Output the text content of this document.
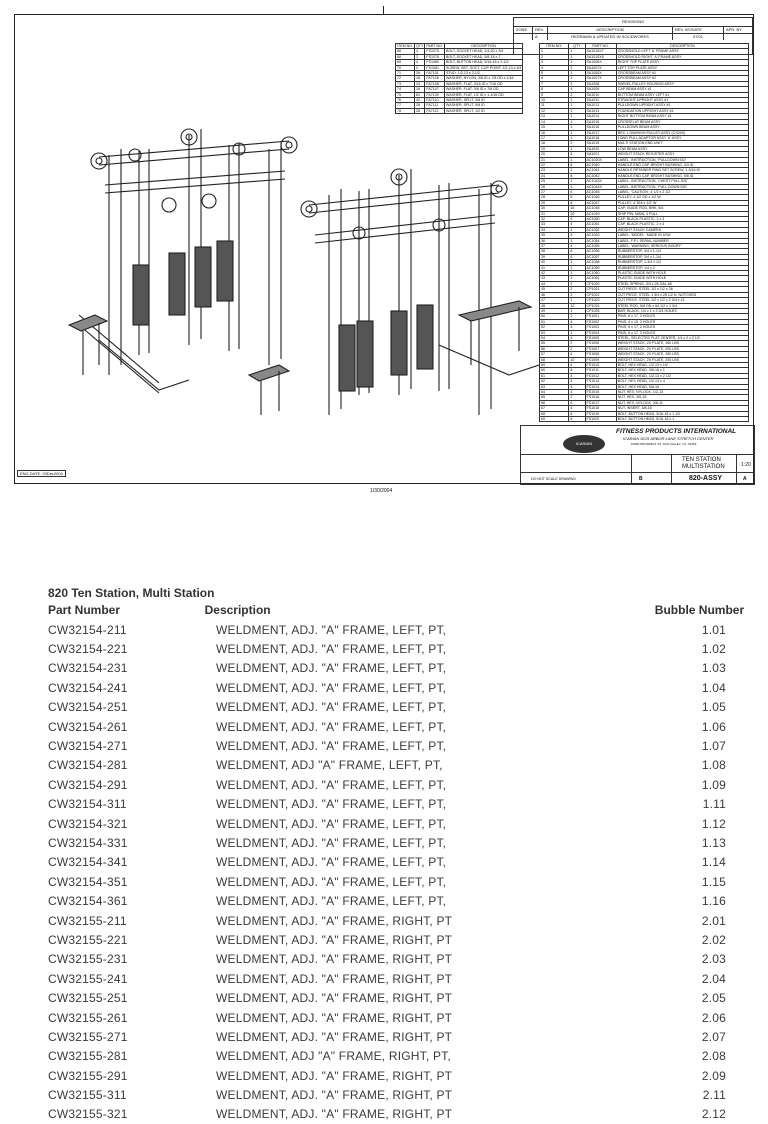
REVISIONS
ZONE	REV.	DESCRIPTION	REV. BY/DATE	APR. BY
A	REDRAWN & UPDATED IN SOLIDWORKS	07/01
ITEM NO.	QTY	PART NO.	DESCRIPTION
66	4	FS1075	BOLT, SOCKET HEAD, 1/4-20 x 3/4
68	2	FS1078	BOLT, SOCKET HEAD, 5/8-18 x 2
69	4	FS1080	BOLT, BUTTON HEAD, 5/16-18 x 2-1/2
70	2	FS1081	SCREW, SET, SOCT, CUP POINT, 1/2-13 x 3/4
71	26	FA7101	STUD, 1/2-13 x 2-1/2
72	18	FA7106	WASHER, NYLON, 3/8 ID x 7/8 OD x 1/16
73	24	FA7108	WASHER, FLAT, 3/16 ID x 7/16 OD
74	16	FA7107	WASHER, FLAT, 3/8 ID x 7/8 OD
75	81	FA7109	WASHER, FLAT, 1/2 ID x 1-1/16 OD
76	42	FA7110	WASHER, SPLIT, 3/8 ID
77	26	FA7111	WASHER, SPLIT, 5/8 ID
78	28	FA7112	WASHER, SPLIT, 1/2 ID
ITEM NO.	QTY	PART NO.	DESCRIPTION
1	1	SA1015X7	CROSSHOLD LEFT 'A' FRAME ASSY
2	1	SA1015X8	CROSSHOLD RIGHT 'A' FRAME ASSY
3	1	SA1006X	RIGHT TOP PLATE ASSY
4	2	SA1007X	LEFT TOP PLATE ASSY
5	1	SA1006X	CROSSBEAM ASSY #1
6	1	SA1007X	CROSSBEAM ASSY #2
7	3	SA1008	SWIVEL PULLEY HOUSING ASSY
8	4	SA1009	CAP BEAM ASSY #1
9	2	SA1010	BOTTOM BEAM ASSY LEFT #1
10	1	SA1011	STRAIGHT UPRIGHT ASSY #1
11	1	SA1012	PULLDOWN UPRIGHT ASSY #1
12	1	SA1013	FOUNDATION UPRIGHT ASSY #1
13	1	SA1014	RIGHT BOTTOM BEAM ASSY #1
14	1	SA1015	CROSSFLAT BEAM ASSY
15	1	SA1016	PULLDOWN BEAM ASSY
16	1	SA1017	REC. LOW/HIGH PULLEY ASSY (CS200)
17	1	SA1018	LONG PULL ADAPTOR ASSY 'A' ASSY
18	2	SA1019	MULTI STATION END UNIT
19	1	SA1020	LOW BEAM ASSY
20	6	SA1021	WEIGHT STACK REGISTER ASSY
21	1	AC1020X	LABEL, INSTRUCTION, 'PULLDOWN 510'
22	6	AC1040	HANDLE END CAP, BRIGHT BUSHING, 3/4 ID
23	2	AC1041	HANDLE RETAINER RING SET SCREW, 1-3/16 ID
24	8	AC1042	HANDLE END CAP, BRIGHT BUSHING, 5/8 ID
25	1	AC1043X	LABEL, INSTRUCTION, 'CHEST PULL 520'
26	1	AC1044X	LABEL, INSTRUCTION, 'PULL DOWN 530'
27	6	AC1045	LABEL, 'CAUTION', 4 1/2 x 2 1/2
28	6	AC1046	PULLEY, 4 1/2 OD x 1/2 W
29	8	AC1047	PULLEY, 4' DIA x 1/2' W
30	16	AC1048	CAP, GUIDE ROD, BRK, 5/4
31	20	AC1049	SHIP PIN, MAIN, 4 PULL
32	9	AC1050	CAP, BLACK PLASTIC, 2 x 3
33	4	AC1051	CAP, BLACK PLASTIC, 2 x 4
34	4	AC1052	WEIGHT STACK CAMERA
35	3	AC1053	LABEL, 'MODEL' 'MADE IN USA'
36	1	AC1054	LABEL, F.P.I. SERIAL NUMBER
37	4	AC1055	LABEL, 'WARNING, SERIOUS INJURY'
38	6	AC1056	RUBBERSTOP, 3/4 x 1-1/4
39	6	AC1057	RUBBERSTOP, 3/4 x 1-1/4
40	1	AC1058	RUBBERSTOP, 1-3/4 x 1/2
41	1	AC1059	RUBBERSTOP, 1/4 x 2
42	1	AC1060	PLASTIC GUIDE WITH HOLE
43	1	AC1061	PLASTIC GUIDE WITH HOLE
44	2	CP1020	STEEL SPRING, 3/4 x 26 OAL #8
45	2	CP1021	CUT PIECE, STEEL 1/2 x 1/2 x 26
46	2	CP1022	CUT PIECE, STEEL 1 3/4 x 25 1/2 N, NOTCHED
47	1	CP1023	CUT PIECE, STEEL 1/2 x 1/2 x 2 3/4 x 12
48	12	CP1024	STEEL ROD, 5/8 OD x 64 1/2 x 1 3/4
49	1	CP1025	BAR, BLACK, 1/4 x 1 x 3 3/4 HOLES
50	2	FS1001	PINS, 6 x 17, 3 HOLES
51	4	FS1002	PINS, 4 x 19, 3 HOLES
52	4	FS1003	PINS, 6 x 17, 2 HOLES
53	1	FS1004	PINS, 6 x 17, 3 HOLES
54	4	FS1005	STEEL, SELECTED FLAT CENTER, 1/4 x 2 x 2 1/2
55	2	FS1006	WEIGHT STACK, 2X PLATE, 160 LBS
56	2	FS1007	WEIGHT STACK, 2X PLATE, 200 LBS
57	6	FS1008	WEIGHT STACK, 2X PLATE, 280 LBS
58	10	FS1009	WEIGHT STACK, 2X PLATE, 200 LBS
59	4	FS1010	BOLT, HEX HEAD, 1/2-13 x 1/2
60	8	FS1011	BOLT, HEX HEAD, 3/8-16 x 1
61	4	FS1012	BOLT, HEX HEAD, 1/2-13 x 2 1/2
62	4	FS1013	BOLT, HEX HEAD, 1/2-13 x 4
63	4	FS1014	BOLT, HEX HEAD, 5/8-18
64	4	FS1015	NUT, HEX, NYLOCK, 1/2-13
65	2	FS1016	NUT, HEX, 3/8-16
66	6	FS1017	NUT, HEX, NYLOCK, 3/8-11
67	4	FS1018	NUT, INSERT, 3/8-16
68	8	FS1019	BOLT, BUTTON HEAD, 3/16-18 x 1 1/2
69	6	FS1020	BOLT, BUTTON HEAD, 5/16-18 x 1
ENG DATE: 20Dec2004
ICARIAN
FITNESS PRODUCTS INTERNATIONAL
ICARIAN 9215 ARBOR LANE STRETCH CENTER
10800 PROSPECT ST. SUN VALLEY, CA. 91352
TEN STATION
MULTISTATION	1:20
B	820-ASSY	A
DO NOT SCALE DRAWING
1/30/2004
820 Ten Station, Multi Station
Part Number	Description	Bubble Number
CW32154-211	WELDMENT, ADJ. "A" FRAME, LEFT, PT,	1.01
CW32154-221	WELDMENT, ADJ. "A" FRAME, LEFT, PT,	1.02
CW32154-231	WELDMENT, ADJ. "A" FRAME, LEFT, PT,	1.03
CW32154-241	WELDMENT, ADJ. "A" FRAME, LEFT, PT,	1.04
CW32154-251	WELDMENT, ADJ. "A" FRAME, LEFT, PT,	1.05
CW32154-261	WELDMENT, ADJ. "A" FRAME, LEFT, PT,	1.06
CW32154-271	WELDMENT, ADJ. "A" FRAME, LEFT, PT,	1.07
CW32154-281	WELDMENT, ADJ "A" FRAME, LEFT, PT,	1.08
CW32154-291	WELDMENT, ADJ. "A" FRAME, LEFT, PT,	1.09
CW32154-311	WELDMENT, ADJ. "A" FRAME, LEFT, PT,	1.11
CW32154-321	WELDMENT, ADJ. "A" FRAME, LEFT, PT,	1.12
CW32154-331	WELDMENT, ADJ. "A" FRAME, LEFT, PT,	1.13
CW32154-341	WELDMENT, ADJ. "A" FRAME, LEFT, PT,	1.14
CW32154-351	WELDMENT, ADJ. "A" FRAME, LEFT, PT,	1.15
CW32154-361	WELDMENT, ADJ. "A" FRAME, LEFT, PT,	1.16
CW32155-211	WELDMENT, ADJ. "A" FRAME, RIGHT, PT	2.01
CW32155-221	WELDMENT, ADJ. "A" FRAME, RIGHT, PT	2.02
CW32155-231	WELDMENT, ADJ. "A" FRAME, RIGHT, PT	2.03
CW32155-241	WELDMENT, ADJ. "A" FRAME, RIGHT, PT	2.04
CW32155-251	WELDMENT, ADJ. "A" FRAME, RIGHT, PT	2.05
CW32155-261	WELDMENT, ADJ. "A" FRAME, RIGHT, PT	2.06
CW32155-271	WELDMENT, ADJ. "A" FRAME, RIGHT, PT	2.07
CW32155-281	WELDMENT, ADJ "A" FRAME, RIGHT, PT,	2.08
CW32155-291	WELDMENT, ADJ. "A" FRAME, RIGHT, PT	2.09
CW32155-311	WELDMENT, ADJ. "A" FRAME, RIGHT, PT	2.11
CW32155-321	WELDMENT, ADJ. "A" FRAME, RIGHT, PT	2.12
